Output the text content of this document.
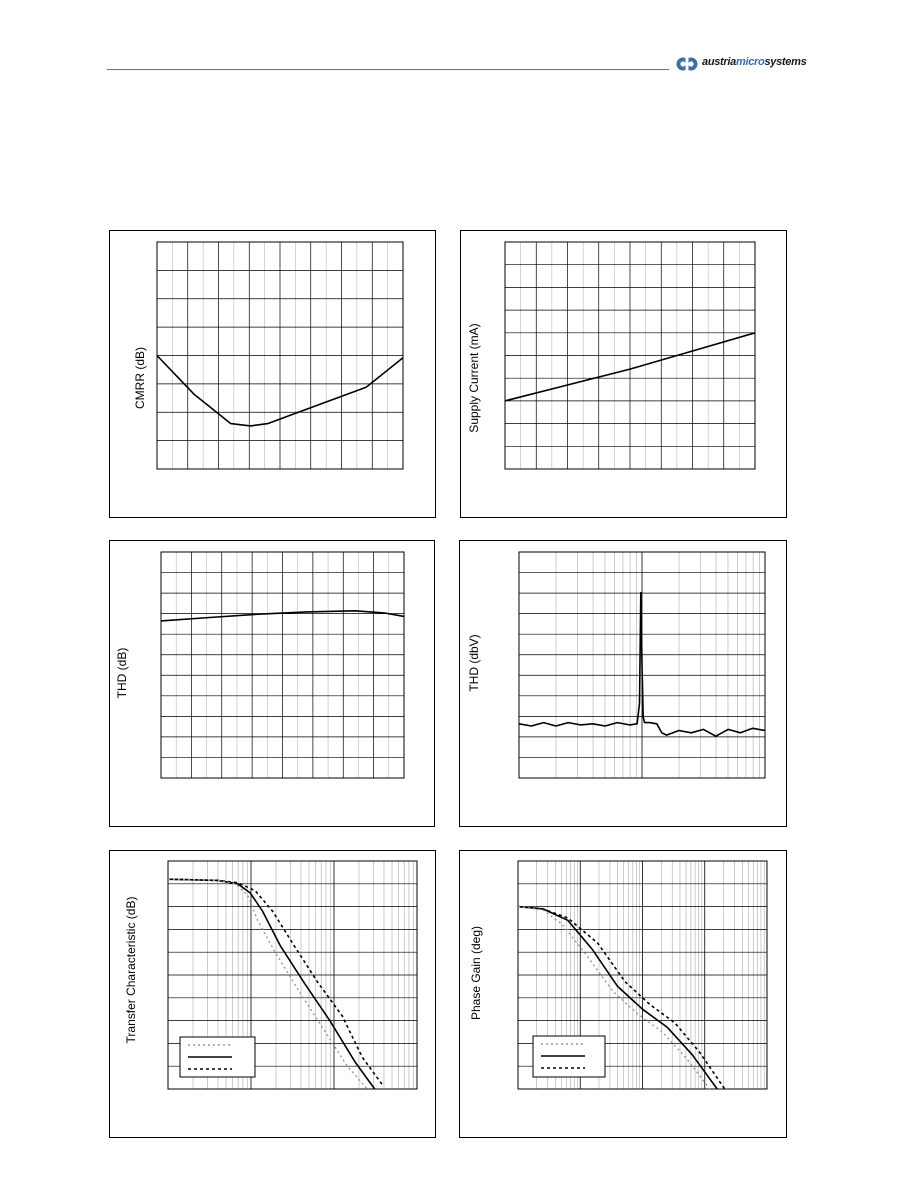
austriamicrosystems
CMRR (dB)	Supply Current (mA)
THD (dB)	THD (dbV)
Transfer Characteristic (dB)	Phase Gain (deg)
